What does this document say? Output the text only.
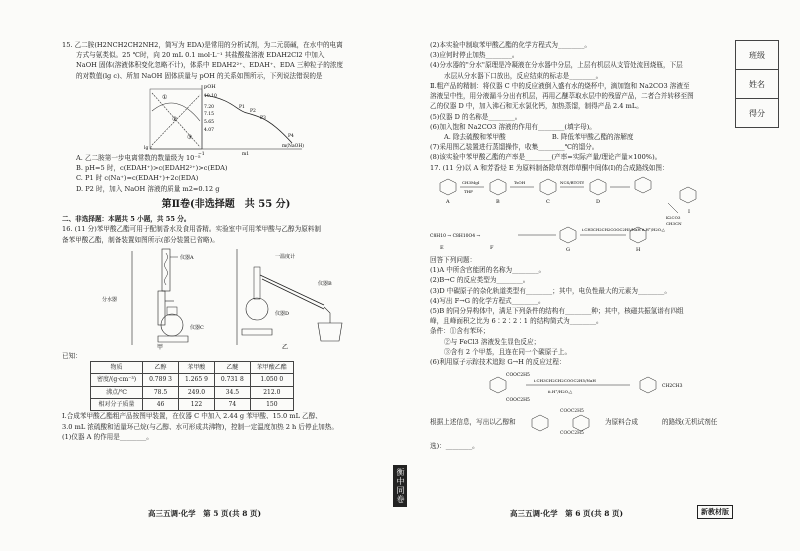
15. 乙二胺(H2NCH2CH2NH2，简写为 EDA)是常用的分析试剂，为二元弱碱，在水中的电离

方式与氨类似。25 ℃时，向 20 mL 0.1 mol·L⁻¹ 其盐酸盐溶液 EDAH2Cl2 中加入

NaOH 固体(溶液体积变化忽略不计)，体系中 EDAH2²⁺、EDAH⁺、EDA 三种粒子的浓度

的对数值(lg c)、所加 NaOH 固体质量与 pOH 的关系如图所示，下列说法错误的是

pOH
m(NaOH)
lg c
10.10
7.20
7.15
5.65
4.07
−1	m1
①
②
③
P1
P2
P3
P4

A. 乙二胺第一步电离常数的数量级为 10⁻⁵

B. pH=5 时，c(EDAH⁺)>c(EDAH2²⁺)>c(EDA)

C. P1 时 c(Na⁺)=c(EDAH⁺)+2c(EDA)

D. P2 时，加入 NaOH 溶液的质量 m2=0.12 g

第Ⅱ卷(非选择题　共 55 分)

二、非选择题：本题共 5 小题，共 55 分。

16. (11 分)苯甲酸乙酯可用于配制香水及食用香精。实验室中可用苯甲酸与乙醇为原料制

备苯甲酸乙酯，制备装置如图所示(部分装置已省略)。

仪器A
分水器
仪器C
甲
一温度计
仪器B
仪器D
乙

已知：

物质	乙醇	苯甲酸	乙醚	苯甲酸乙酯
密度/(g·cm⁻³)	0.789 3	1.265 9	0.731 8	1.050 0
沸点/℃	78.5	249.0	34.5	212.0
相对分子质量	46	122	74	150

Ⅰ.合成苯甲酸乙酯粗产品按图甲装置，在仪器 C 中加入 2.44 g 苯甲酸、15.0 mL 乙醇、

3.0 mL 浓硫酸和适量环己烷(与乙醇、水可形成共沸物)，控制一定温度加热 2 h 后停止加热。

(1)仪器 A 的作用是________。

衡中同卷

(2)本实验中制取苯甲酸乙酯的化学方程式为________。

(3)应何时停止加热________。

(4)分水器的"分水"原理是冷凝液在分水器中分层，上层有机层从支管处流回烧瓶，下层

水层从分水器下口放出，反应结束的标志是________。

Ⅱ.粗产品的精制：将仪器 C 中的反应液倒入盛有水的烧杯中，滴加饱和 Na2CO3 溶液至

溶液呈中性，用分液漏斗分出有机层，再用乙醚萃取水层中的残留产品，二者合并转移至图

乙的仪器 D 中，加入沸石和无水氯化钙，加热蒸馏，制得产品 2.4 mL。

(5)仪器 D 的名称是________。

(6)加入饱和 Na2CO3 溶液的作用有________(填字母)。

A. 除去硫酸和苯甲酸　　　　　　　B. 降低苯甲酸乙酯的溶解度

(7)采用图乙装置进行蒸馏操作，收集________℃的馏分。

(8)该实验中苯甲酸乙酯的产率是________(产率=实际产量/理论产量×100%)。

17. (11 分)以 A 和芳香烃 E 为原料制备除草剂茚草酮中间体(I)的合成路线如图：

A	B	C	D
CH3MgI
THF
TsOH	NCS/BTOTf
K2CO3
CH3CN
I
C8H10 → C8H10O4 →
i.CH3CH2CH2COOC2H5/NaH ii.H⁺/H2O,△
E	F	G	H

回答下列问题：

(1)A 中所含官能团的名称为________。

(2)B→C 的反应类型为________。

(3)D 中碳原子的杂化轨道类型有________；其中，电负性最大的元素为________。

(4)写出 F→G 的化学方程式________。

(5)B 的同分异构体中，满足下列条件的结构有________种；其中，核磁共振氢谱有四组

峰，且峰面积之比为 6∶2∶2∶1 的结构简式为________。

条件：①含有苯环；

②与 FeCl3 溶液发生显色反应；

③含有 2 个甲基，且连在同一个碳原子上。

(6)利用原子示踪技术追踪 G→H 的反应过程：

COOC2H5
COOC2H5
i.CH3CH2CH2COOC2H5/NaH
ii.H⁺/H2O,△
CH2CH3
根据上述信息，写出以乙醇和	为原料合成
COOC2H5
COOC2H5
的路线(无机试剂任

选)：________。

班级
姓名
得分
高三五调·化学　第 5 页(共 8 页)	高三五调·化学　第 6 页(共 8 页)	新教材版
